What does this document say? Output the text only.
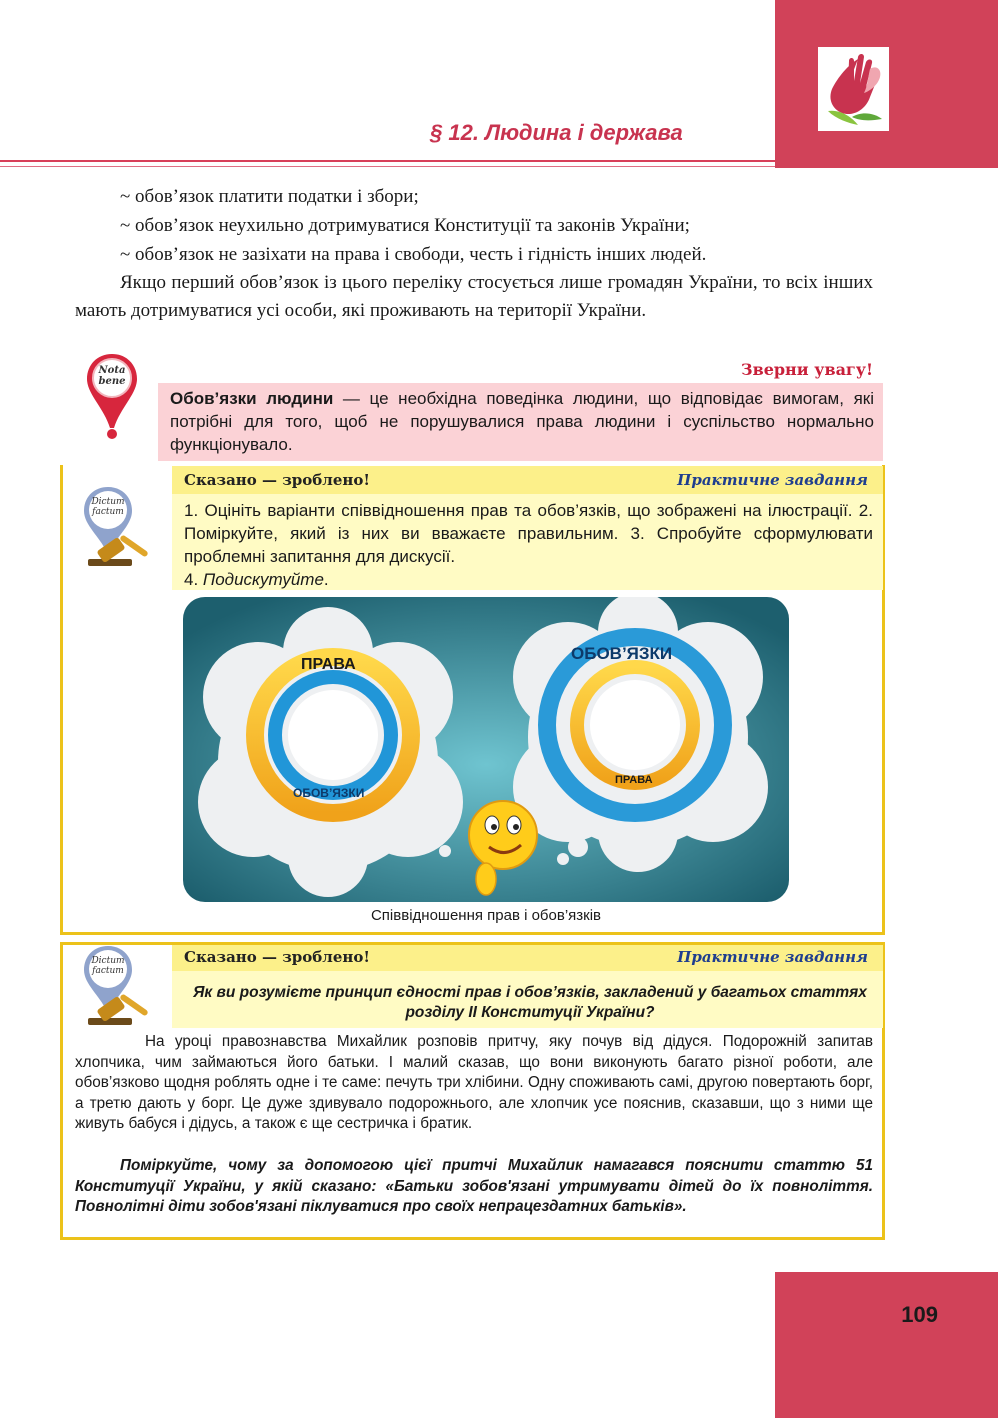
§ 12. Людина і держава
~ обов’язок платити податки і збори;
~ обов’язок неухильно дотримуватися Конституції та законів України;
~ обов’язок не зазіхати на права і свободи, честь і гідність інших людей.
Якщо перший обов’язок із цього переліку стосується лише громадян України, то всіх інших мають дотримуватися усі особи, які проживають на території України.
Nota
bene
Зверни увагу!
Обов’язки людини — це необхідна поведінка людини, що відповідає вимогам, які потрібні для того, щоб не порушувалися права людини і суспільство нормально функціонувало.
Сказано — зроблено!	Практичне завдання
1. Оцініть варіанти співвідношення прав та обов’язків, що зображені на ілюстрації. 2. Поміркуйте, який із них ви вважаєте правильним. 3. Спробуйте сформулювати проблемні запитання для дискусії.
4. Подискутуйте.
Dictum
factum
ПРАВА
ОБОВ’ЯЗКИ
ОБОВ’ЯЗКИ
ПРАВА
Співвідношення прав і обов’язків
Сказано — зроблено!	Практичне завдання
Як ви розумієте принцип єдності прав і обов’язків, закладений у багатьох статтях розділу II Конституції України?
Dictum
factum
На уроці правознавства Михайлик розповів притчу, яку почув від дідуся. Подорожній запитав хлопчика, чим займаються його батьки. І малий сказав, що вони виконують багато різної роботи, але обов’язково щодня роблять одне і те саме: печуть три хлібини. Одну споживають самі, другою повертають борг, а третю дають у борг. Це дуже здивувало подорожнього, але хлопчик усе пояснив, сказавши, що з ними ще живуть бабуся і дідусь, а також є ще сестричка і братик.
Поміркуйте, чому за допомогою цієї притчі Михайлик намагався пояснити статтю 51 Конституції України, у якій сказано: «Батьки зобов'язані утримувати дітей до їх повноліття. Повнолітні діти зобов'язані піклуватися про своїх непрацездатних батьків».
109
